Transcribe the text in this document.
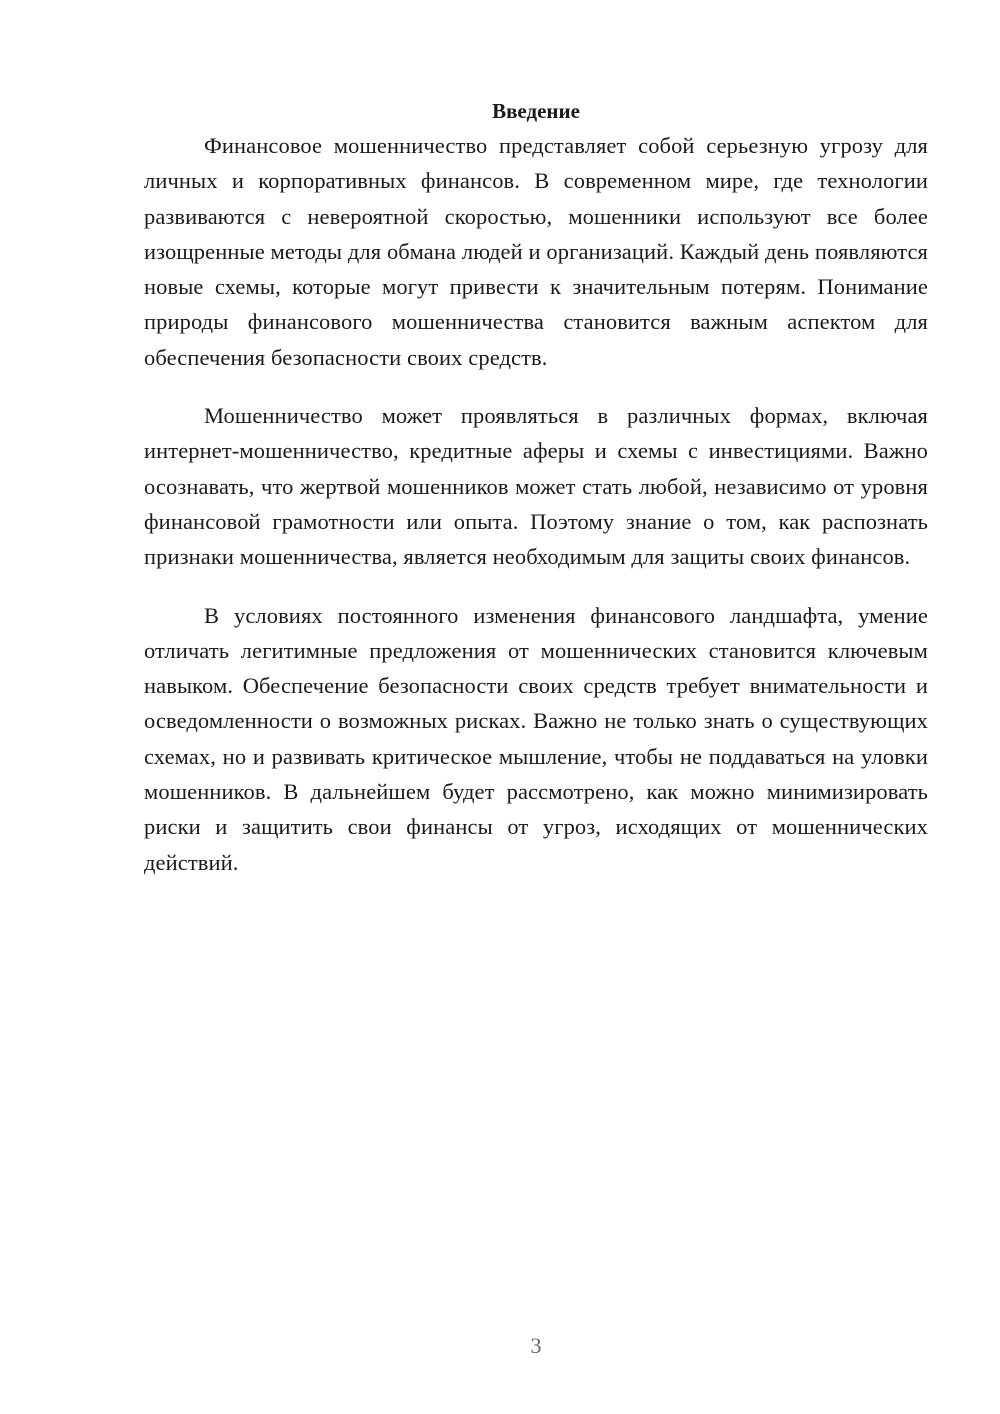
Введение

Финансовое мошенничество представляет собой серьезную угрозу для личных и корпоративных финансов. В современном мире, где технологии развиваются с невероятной скоростью, мошенники используют все более изощренные методы для обмана людей и организаций. Каждый день появляются новые схемы, которые могут привести к значительным потерям. Понимание природы финансового мошенничества становится важным аспектом для обеспечения безопасности своих средств.

Мошенничество может проявляться в различных формах, включая интернет-мошенничество, кредитные аферы и схемы с инвестициями. Важно осознавать, что жертвой мошенников может стать любой, независимо от уровня финансовой грамотности или опыта. Поэтому знание о том, как распознать признаки мошенничества, является необходимым для защиты своих финансов.

В условиях постоянного изменения финансового ландшафта, умение отличать легитимные предложения от мошеннических становится ключевым навыком. Обеспечение безопасности своих средств требует внимательности и осведомленности о возможных рисках. Важно не только знать о существующих схемах, но и развивать критическое мышление, чтобы не поддаваться на уловки мошенников. В дальнейшем будет рассмотрено, как можно минимизировать риски и защитить свои финансы от угроз, исходящих от мошеннических действий.

3
